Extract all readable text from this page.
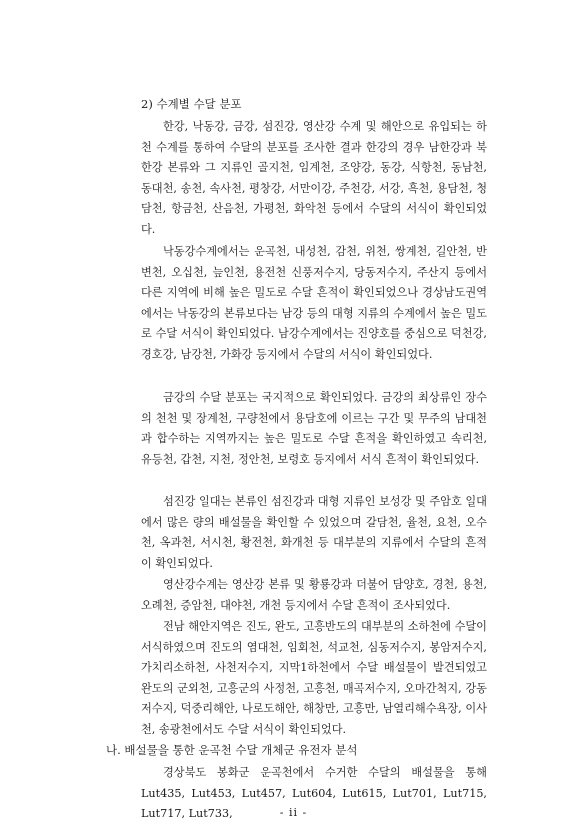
2) 수계별 수달 분포

한강, 낙동강, 금강, 섬진강, 영산강 수계 및 해안으로 유입되는 하천 수계를 통하여 수달의 분포를 조사한 결과 한강의 경우 남한강과 북한강 본류와 그 지류인 골지천, 임계천, 조양강, 동강, 식항천, 동남천, 동대천, 송천, 속사천, 평창강, 서만이강, 주천강, 서강, 흑천, 용담천, 청담천, 항금천, 산음천, 가평천, 화악천 등에서 수달의 서식이 확인되었다.

낙동강수계에서는 운곡천, 내성천, 감천, 위천, 쌍계천, 길안천, 반변천, 오십천, 늪인천, 용전천 신풍저수지, 당동저수지, 주산지 등에서 다른 지역에 비해 높은 밀도로 수달 흔적이 확인되었으나 경상남도권역에서는 낙동강의 본류보다는 남강 등의 대형 지류의 수계에서 높은 밀도로 수달 서식이 확인되었다. 남강수계에서는 진양호를 중심으로 덕천강, 경호강, 남강천, 가화강 등지에서 수달의 서식이 확인되었다.

금강의 수달 분포는 국지적으로 확인되었다. 금강의 최상류인 장수의 천천 및 장계천, 구량천에서 용담호에 이르는 구간 및 무주의 남대천과 합수하는 지역까지는 높은 밀도로 수달 흔적을 확인하였고 속리천, 유등천, 갑천, 지천, 정안천, 보령호 등지에서 서식 흔적이 확인되었다.

섬진강 일대는 본류인 섬진강과 대형 지류인 보성강 및 주암호 일대에서 많은 량의 배설물을 확인할 수 있었으며 갈담천, 율천, 요천, 오수천, 옥과천, 서시천, 황전천, 화개천 등 대부분의 지류에서 수달의 흔적이 확인되었다.

영산강수계는 영산강 본류 및 황룡강과 더불어 담양호, 경천, 용천, 오례천, 증암천, 대야천, 개천 등지에서 수달 흔적이 조사되었다.

전남 해안지역은 진도, 완도, 고흥반도의 대부분의 소하천에 수달이 서식하였으며 진도의 염대천, 임회천, 석교천, 심동저수지, 봉암저수지, 가치리소하천, 사천저수지, 지막1하천에서 수달 배설물이 발견되었고 완도의 군외천, 고흥군의 사정천, 고흥천, 매곡저수지, 오마간척지, 강동저수지, 덕중리해안, 나로도해안, 해창만, 고흥만, 남열리해수욕장, 이사천, 송광천에서도 수달 서식이 확인되었다.

나. 배설물을 통한 운곡천 수달 개체군 유전자 분석

경상북도 봉화군 운곡천에서 수거한 수달의 배설물을 통해 Lut435, Lut453, Lut457, Lut604, Lut615, Lut701, Lut715, Lut717, Lut733,	- ii -
